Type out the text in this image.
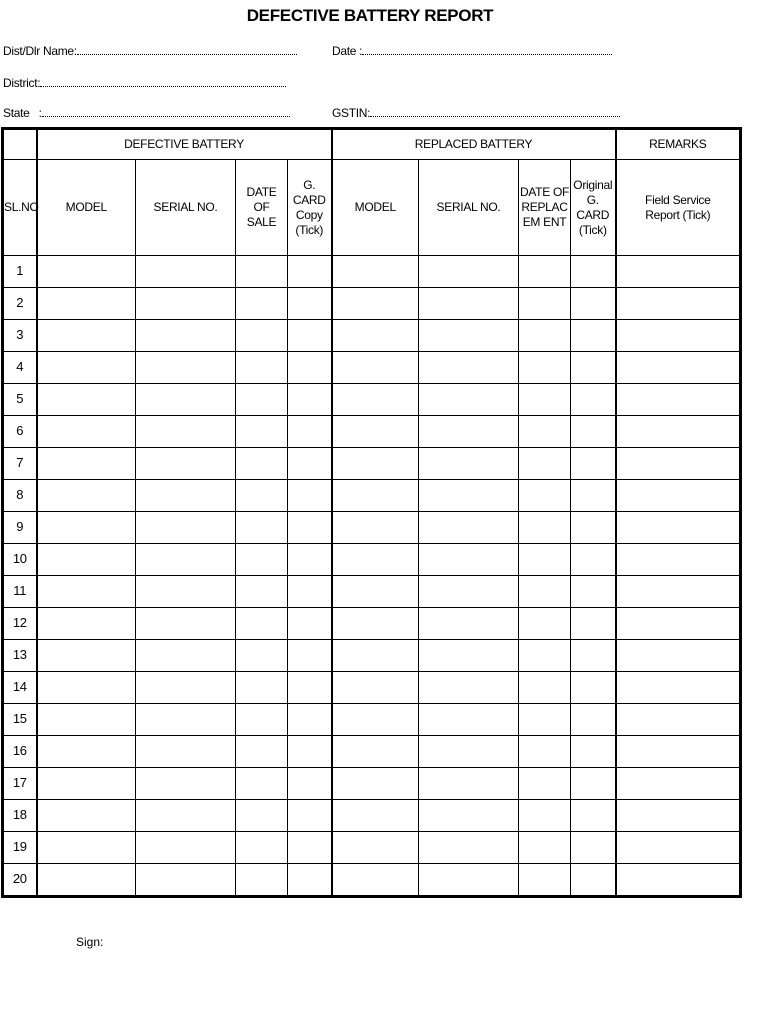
DEFECTIVE BATTERY REPORT
Dist/Dlr Name:	Date :
District:
State   :	GSTIN:
	DEFECTIVE BATTERY				REPLACED BATTERY				REMARKS
SL.NO	MODEL	SERIAL NO.	DATE OF SALE	G. CARD Copy (Tick)	MODEL	SERIAL NO.	DATE OF REPLACEM ENT	Original G. CARD (Tick)	Field Service Report (Tick)
1									
2									
3									
4									
5									
6									
7									
8									
9									
10									
11									
12									
13									
14									
15									
16									
17									
18									
19									
20									
Sign:
